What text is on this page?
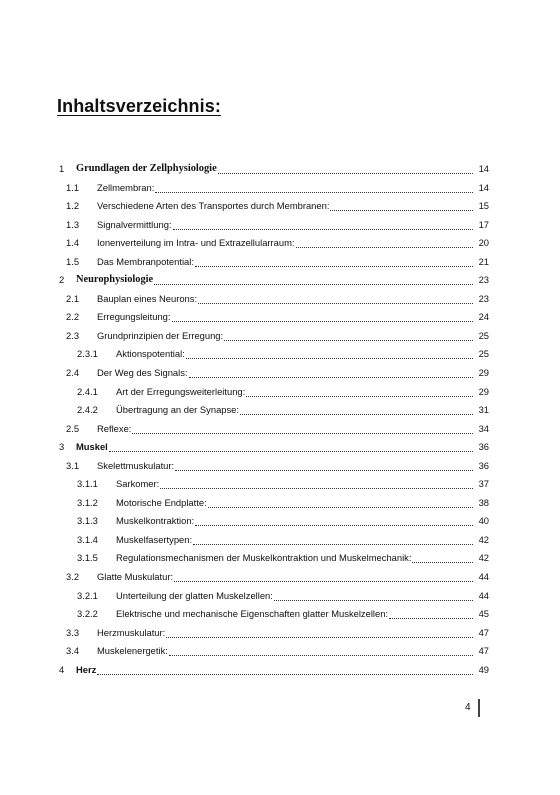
Inhaltsverzeichnis:
1 Grundlagen der Zellphysiologie	14
1.1 Zellmembran:	14
1.2 Verschiedene Arten des Transportes durch Membranen:	15
1.3 Signalvermittlung:	17
1.4 Ionenverteilung im Intra- und Extrazellularraum:	20
1.5 Das Membranpotential:	21
2 Neurophysiologie	23
2.1 Bauplan eines Neurons:	23
2.2 Erregungsleitung:	24
2.3 Grundprinzipien der Erregung:	25
2.3.1 Aktionspotential:	25
2.4 Der Weg des Signals:	29
2.4.1 Art der Erregungsweiterleitung:	29
2.4.2 Übertragung an der Synapse:	31
2.5 Reflexe:	34
3 Muskel	36
3.1 Skelettmuskulatur:	36
3.1.1 Sarkomer:	37
3.1.2 Motorische Endplatte:	38
3.1.3 Muskelkontraktion:	40
3.1.4 Muskelfasertypen:	42
3.1.5 Regulationsmechanismen der Muskelkontraktion und Muskelmechanik:	42
3.2 Glatte Muskulatur:	44
3.2.1 Unterteilung der glatten Muskelzellen:	44
3.2.2 Elektrische und mechanische Eigenschaften glatter Muskelzellen:	45
3.3 Herzmuskulatur:	47
3.4 Muskelenergetik:	47
4 Herz	49
4
